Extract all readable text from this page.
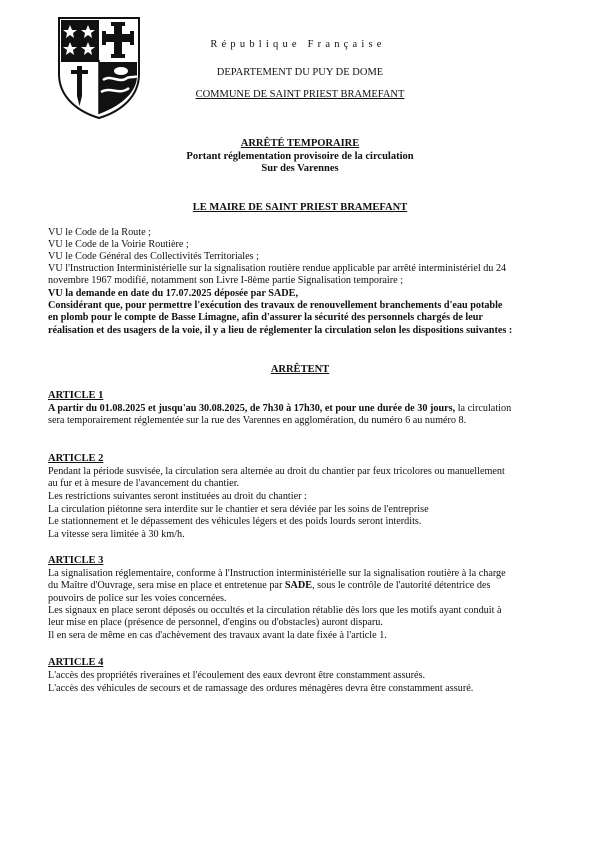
République Française
DEPARTEMENT DU PUY DE DOME
COMMUNE DE SAINT PRIEST BRAMEFANT
ARRÊTÉ TEMPORAIRE
Portant réglementation provisoire de la circulation
Sur des Varennes
LE MAIRE DE SAINT PRIEST BRAMEFANT

VU le Code de la Route ;

VU le Code de la Voirie Routière ;

VU le Code Général des Collectivités Territoriales ;

VU l'Instruction Interministérielle sur la signalisation routière rendue applicable par arrêté interministériel du 24 novembre 1967 modifié, notamment son Livre I-8ème partie Signalisation temporaire ;

VU la demande en date du 17.07.2025 déposée par SADE,

Considérant que, pour permettre l'exécution des travaux de renouvellement branchements d'eau potable en plomb pour le compte de Basse Limagne, afin d'assurer la sécurité des personnels chargés de leur réalisation et des usagers de la voie, il y a lieu de réglementer la circulation selon les dispositions suivantes :

ARRÊTENT

ARTICLE 1

A partir du 01.08.2025 et jusqu'au 30.08.2025, de 7h30 à 17h30, et pour une durée de 30 jours, la circulation sera temporairement réglementée sur la rue des Varennes en agglomération, du numéro 6 au numéro 8.

ARTICLE 2

Pendant la période susvisée, la circulation sera alternée au droit du chantier par feux tricolores ou manuellement au fur et à mesure de l'avancement du chantier.

Les restrictions suivantes seront instituées au droit du chantier :

La circulation piétonne sera interdite sur le chantier et sera déviée par les soins de l'entreprise

Le stationnement et le dépassement des véhicules légers et des poids lourds seront interdits.

La vitesse sera limitée à 30 km/h.

ARTICLE 3

La signalisation réglementaire, conforme à l'Instruction interministérielle sur la signalisation routière à la charge du Maître d'Ouvrage, sera mise en place et entretenue par SADE, sous le contrôle de l'autorité détentrice des pouvoirs de police sur les voies concernées.

Les signaux en place seront déposés ou occultés et la circulation rétablie dès lors que les motifs ayant conduit à leur mise en place (présence de personnel, d'engins ou d'obstacles) auront disparu.

Il en sera de même en cas d'achèvement des travaux avant la date fixée à l'article 1.

ARTICLE 4

L'accès des propriétés riveraines et l'écoulement des eaux devront être constamment assurés.

L'accès des véhicules de secours et de ramassage des ordures ménagères devra être constamment assuré.
